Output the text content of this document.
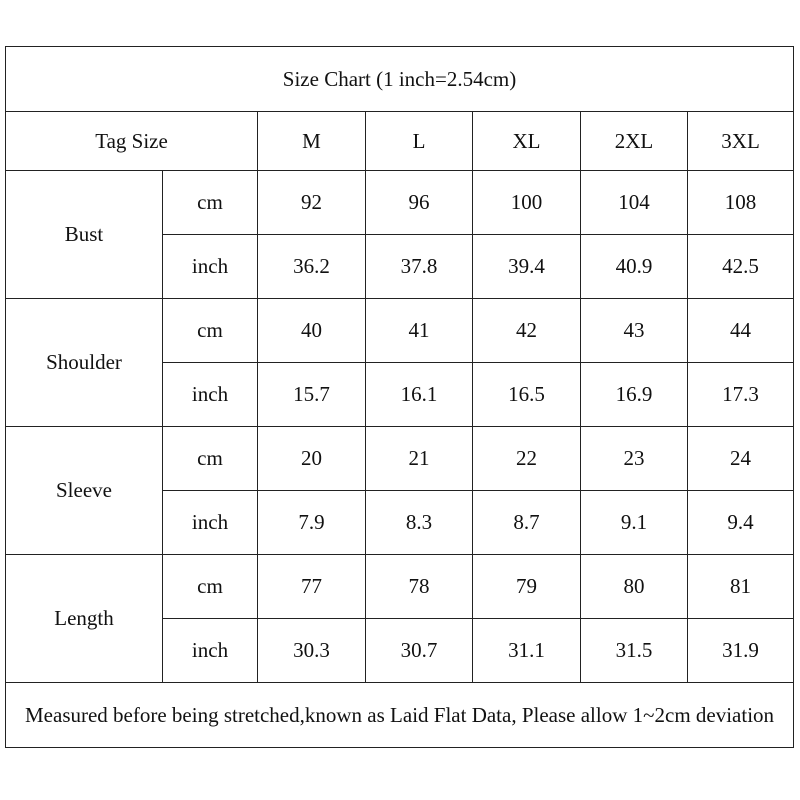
Size Chart (1 inch=2.54cm)						
Tag Size		M	L	XL	2XL	3XL
Bust	cm	92	96	100	104	108
	inch	36.2	37.8	39.4	40.9	42.5
Shoulder	cm	40	41	42	43	44
	inch	15.7	16.1	16.5	16.9	17.3
Sleeve	cm	20	21	22	23	24
	inch	7.9	8.3	8.7	9.1	9.4
Length	cm	77	78	79	80	81
	inch	30.3	30.7	31.1	31.5	31.9
Measured before being stretched,known as Laid Flat Data, Please allow 1~2cm deviation						
